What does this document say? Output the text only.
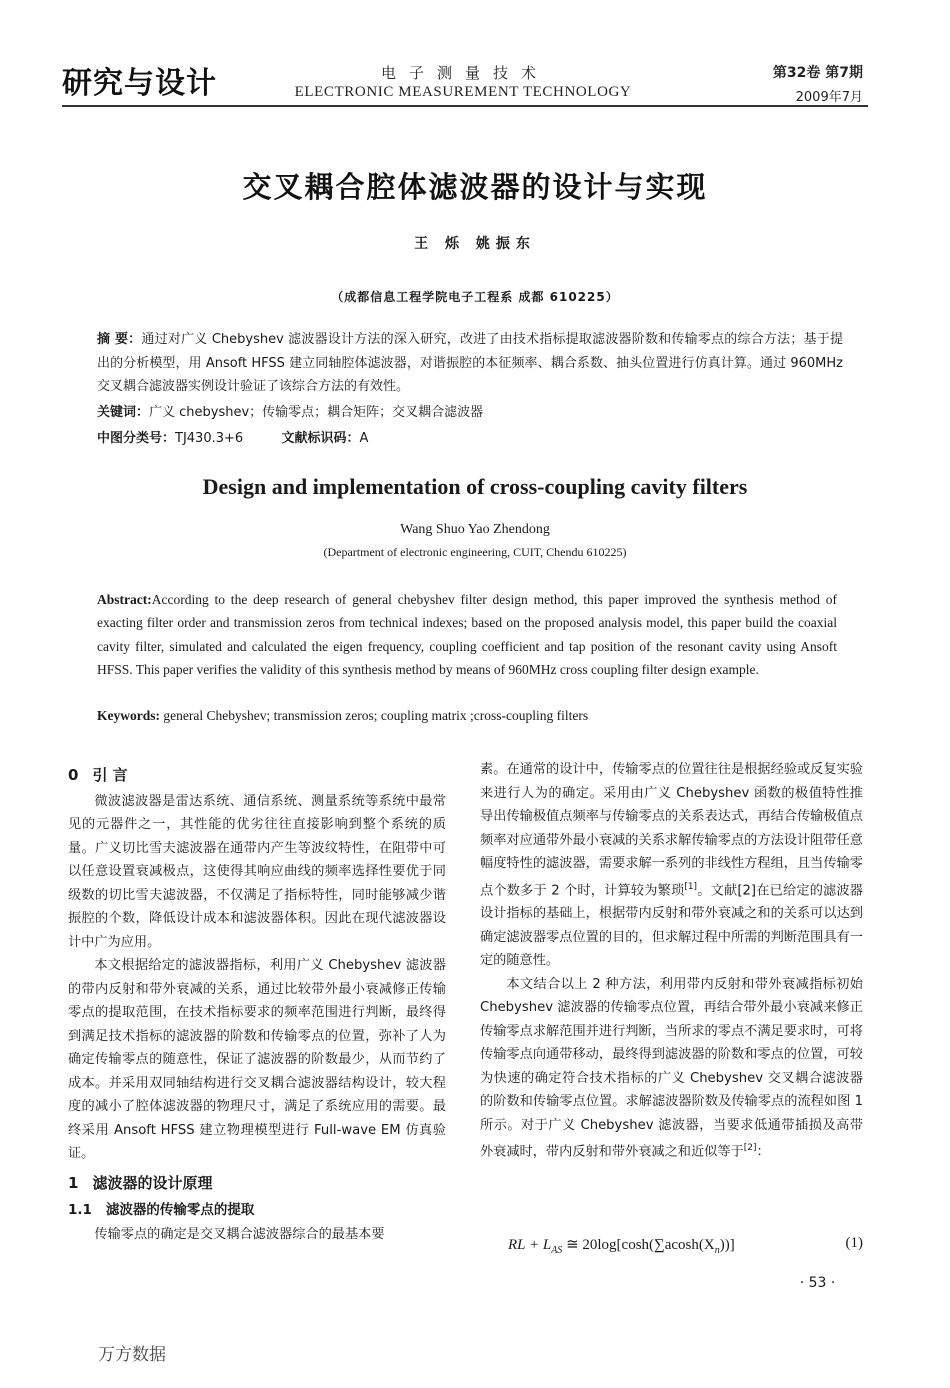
研究与设计	电子测量技术
ELECTRONIC MEASUREMENT TECHNOLOGY
第32卷 第7期
2009年7月
交叉耦合腔体滤波器的设计与实现
王 烁 姚振东
（成都信息工程学院电子工程系 成都 610225）
摘 要：通过对广义 Chebyshev 滤波器设计方法的深入研究，改进了由技术指标提取滤波器阶数和传输零点的综合方法；基于提出的分析模型，用 Ansoft HFSS 建立同轴腔体滤波器，对谐振腔的本征频率、耦合系数、抽头位置进行仿真计算。通过 960MHz 交叉耦合滤波器实例设计验证了该综合方法的有效性。
关键词：广义 chebyshev；传输零点；耦合矩阵；交叉耦合滤波器
中图分类号：TJ430.3+6	文献标识码：A
Design and implementation of cross-coupling cavity filters
Wang Shuo Yao Zhendong
(Department of electronic engineering, CUIT, Chendu 610225)
Abstract:According to the deep research of general chebyshev filter design method, this paper improved the synthesis method of exacting filter order and transmission zeros from technical indexes; based on the proposed analysis model, this paper build the coaxial cavity filter, simulated and calculated the eigen frequency, coupling coefficient and tap position of the resonant cavity using Ansoft HFSS. This paper verifies the validity of this synthesis method by means of 960MHz cross coupling filter design example.
Keywords: general Chebyshev; transmission zeros; coupling matrix ;cross-coupling filters

0 引 言

微波滤波器是雷达系统、通信系统、测量系统等系统中最常见的元器件之一，其性能的优劣往往直接影响到整个系统的质量。广义切比雪夫滤波器在通带内产生等波纹特性，在阻带中可以任意设置衰减极点，这使得其响应曲线的频率选择性要优于同级数的切比雪夫滤波器，不仅满足了指标特性，同时能够减少谐振腔的个数，降低设计成本和滤波器体积。因此在现代滤波器设计中广为应用。

本文根据给定的滤波器指标，利用广义 Chebyshev 滤波器的带内反射和带外衰减的关系，通过比较带外最小衰减修正传输零点的提取范围，在技术指标要求的频率范围进行判断，最终得到满足技术指标的滤波器的阶数和传输零点的位置，弥补了人为确定传输零点的随意性，保证了滤波器的阶数最少，从而节约了成本。并采用双同轴结构进行交叉耦合滤波器结构设计，较大程度的减小了腔体滤波器的物理尺寸，满足了系统应用的需要。最终采用 Ansoft HFSS 建立物理模型进行 Full-wave EM 仿真验证。

1 滤波器的设计原理

1.1 滤波器的传输零点的提取

传输零点的确定是交叉耦合滤波器综合的最基本要

素。在通常的设计中，传输零点的位置往往是根据经验或反复实验来进行人为的确定。采用由广义 Chebyshev 函数的极值特性推导出传输极值点频率与传输零点的关系表达式，再结合传输极值点频率对应通带外最小衰减的关系求解传输零点的方法设计阻带任意幅度特性的滤波器，需要求解一系列的非线性方程组，且当传输零点个数多于 2 个时，计算较为繁琐[1]。文献[2]在已给定的滤波器设计指标的基础上，根据带内反射和带外衰减之和的关系可以达到确定滤波器零点位置的目的，但求解过程中所需的判断范围具有一定的随意性。

本文结合以上 2 种方法，利用带内反射和带外衰减指标初始 Chebyshev 滤波器的传输零点位置，再结合带外最小衰减来修正传输零点求解范围并进行判断，当所求的零点不满足要求时，可将传输零点向通带移动，最终得到滤波器的阶数和零点的位置，可较为快速的确定符合技术指标的广义 Chebyshev 交叉耦合滤波器的阶数和传输零点位置。求解滤波器阶数及传输零点的流程如图 1 所示。对于广义 Chebyshev 滤波器，当要求低通带插损及高带外衰减时，带内反射和带外衰减之和近似等于[2]：

RL + $L_{AS}$ ≅ $20\log[\cosh(\sum acosh(X_n))]$	(1)
· 53 ·
万方数据
